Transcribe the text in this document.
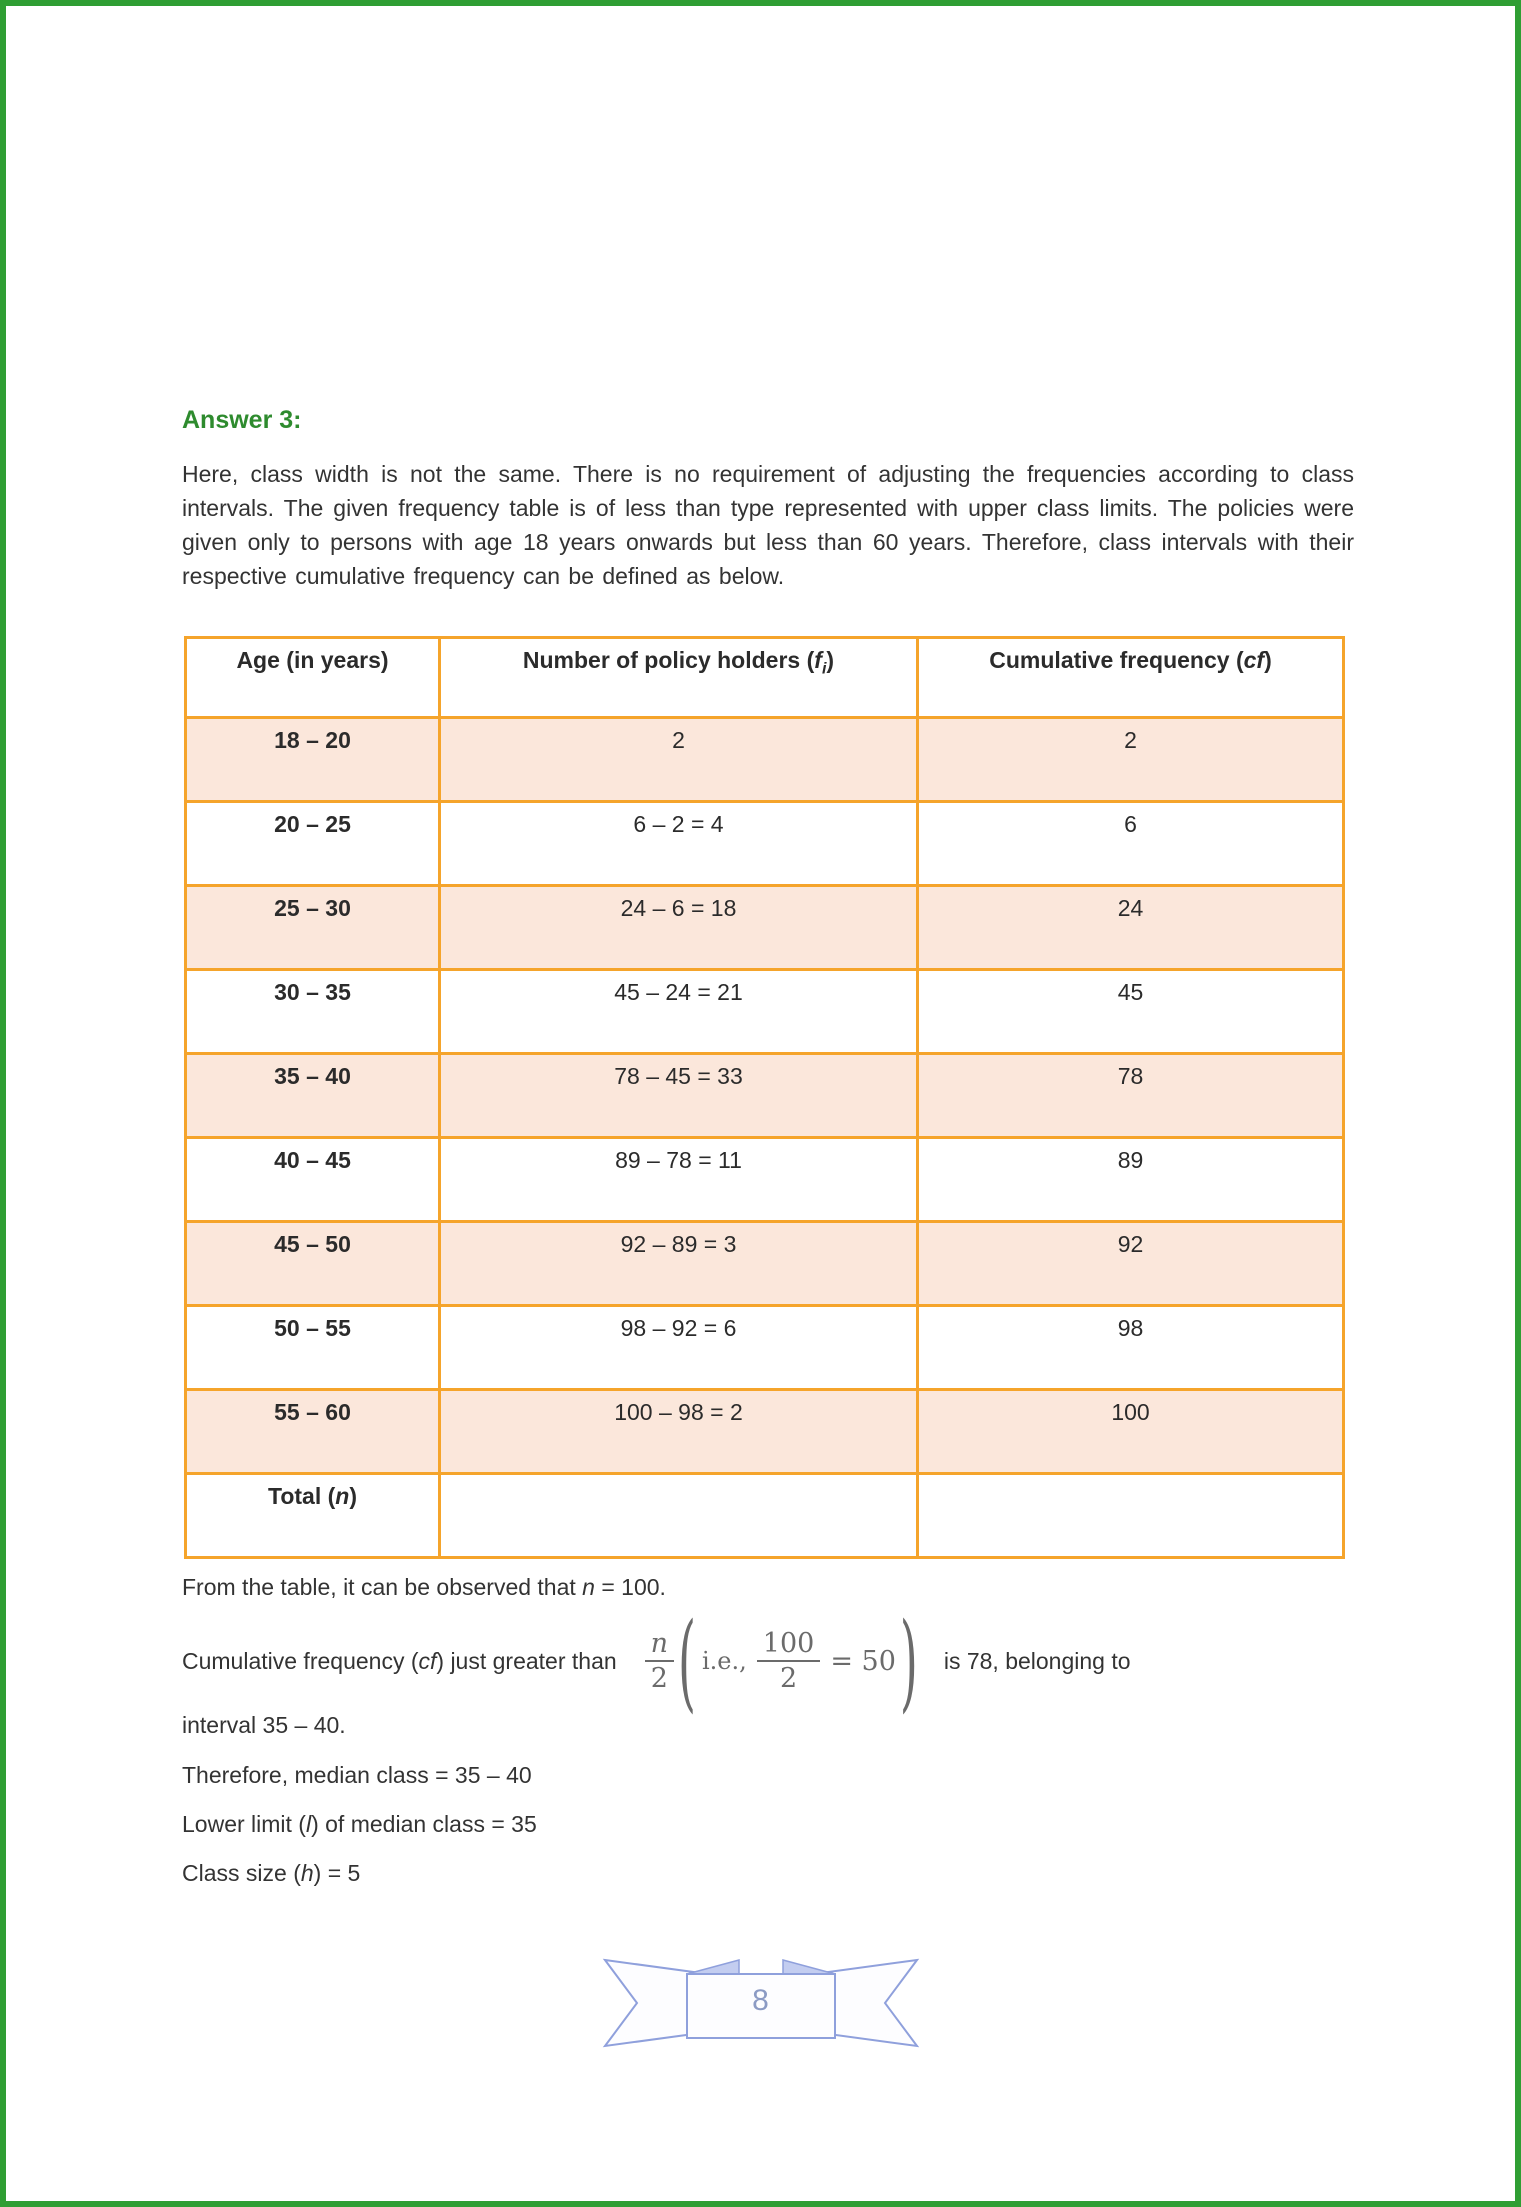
Answer 3:
Here, class width is not the same. There is no requirement of adjusting the frequencies according to class intervals. The given frequency table is of less than type represented with upper class limits. The policies were given only to persons with age 18 years onwards but less than 60 years. Therefore, class intervals with their respective cumulative frequency can be defined as below.
Age (in years)	Number of policy holders $(f_i)$	Cumulative frequency (cf)
18 – 20	2	2
20 – 25	6 – 2 = 4	6
25 – 30	24 – 6 = 18	24
30 – 35	45 – 24 = 21	45
35 – 40	78 – 45 = 33	78
40 – 45	89 – 78 = 11	89
45 – 50	92 – 89 = 3	92
50 – 55	98 – 92 = 6	98
55 – 60	100 – 98 = 2	100
Total (n)		
From the table, it can be observed that n = 100.
Cumulative frequency (cf) just greater than $\frac{n}{2}$ ( i.e., $\frac{100}{2} = 50$ ) is 78, belonging to
interval 35 – 40.
Therefore, median class = 35 – 40
Lower limit (l) of median class = 35
Class size (h) = 5
8
